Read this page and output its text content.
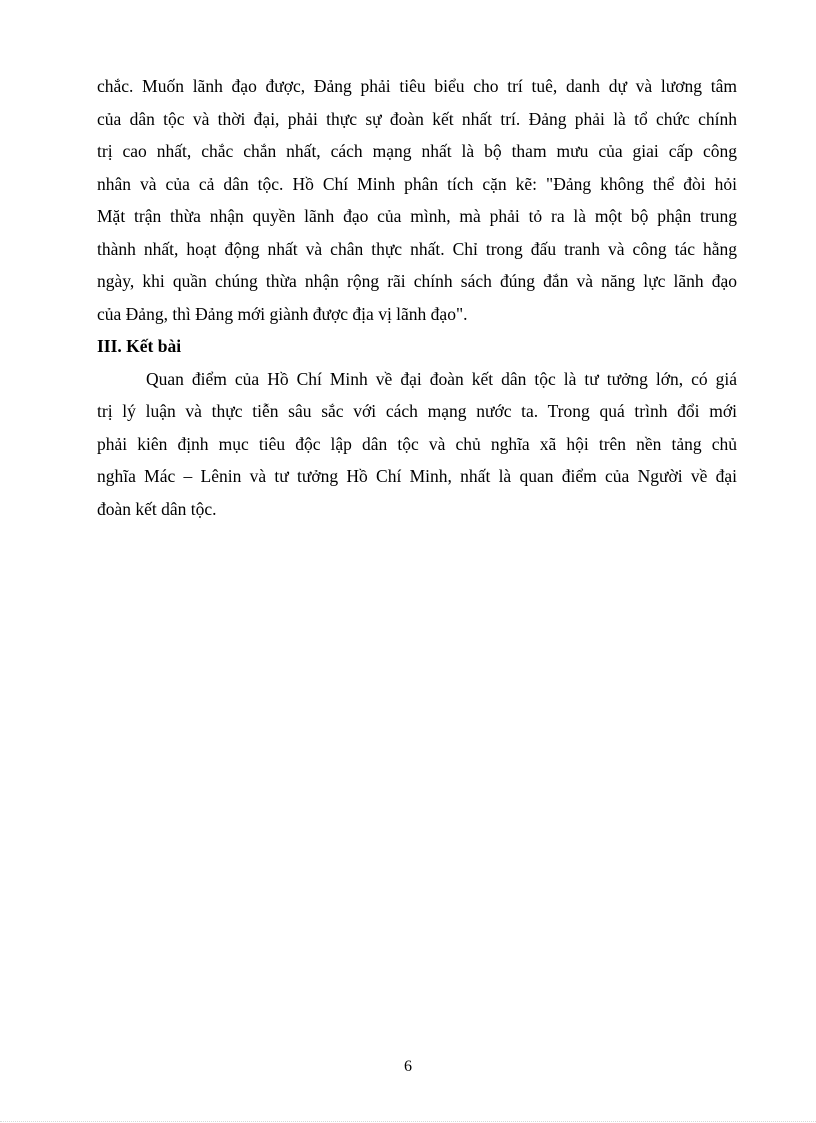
chắc. Muốn lãnh đạo được, Đảng phải tiêu biểu cho trí tuê, danh dự và lương tâm
của dân tộc và thời đại, phải thực sự đoàn kết nhất trí. Đảng phải là tổ chức chính
trị cao nhất, chắc chắn nhất, cách mạng nhất là bộ tham mưu của giai cấp công
nhân và của cả dân tộc. Hồ Chí Minh phân tích cặn kẽ: "Đảng không thể đòi hỏi
Mặt trận thừa nhận quyền lãnh đạo của mình, mà phải tỏ ra là một bộ phận trung
thành nhất, hoạt động nhất và chân thực nhất. Chỉ trong đấu tranh và công tác hằng
ngày, khi quần chúng thừa nhận rộng rãi chính sách đúng đắn và năng lực lãnh đạo
của Đảng, thì Đảng mới giành được địa vị lãnh đạo".
III. Kết bài
Quan điểm của Hồ Chí Minh về đại đoàn kết dân tộc là tư tưởng lớn, có giá
trị lý luận và thực tiễn sâu sắc với cách mạng nước ta. Trong quá trình đổi mới
phải kiên định mục tiêu độc lập dân tộc và chủ nghĩa xã hội trên nền tảng chủ
nghĩa Mác – Lênin và tư tưởng Hồ Chí Minh, nhất là quan điểm của Người về đại
đoàn kết dân tộc.
6
